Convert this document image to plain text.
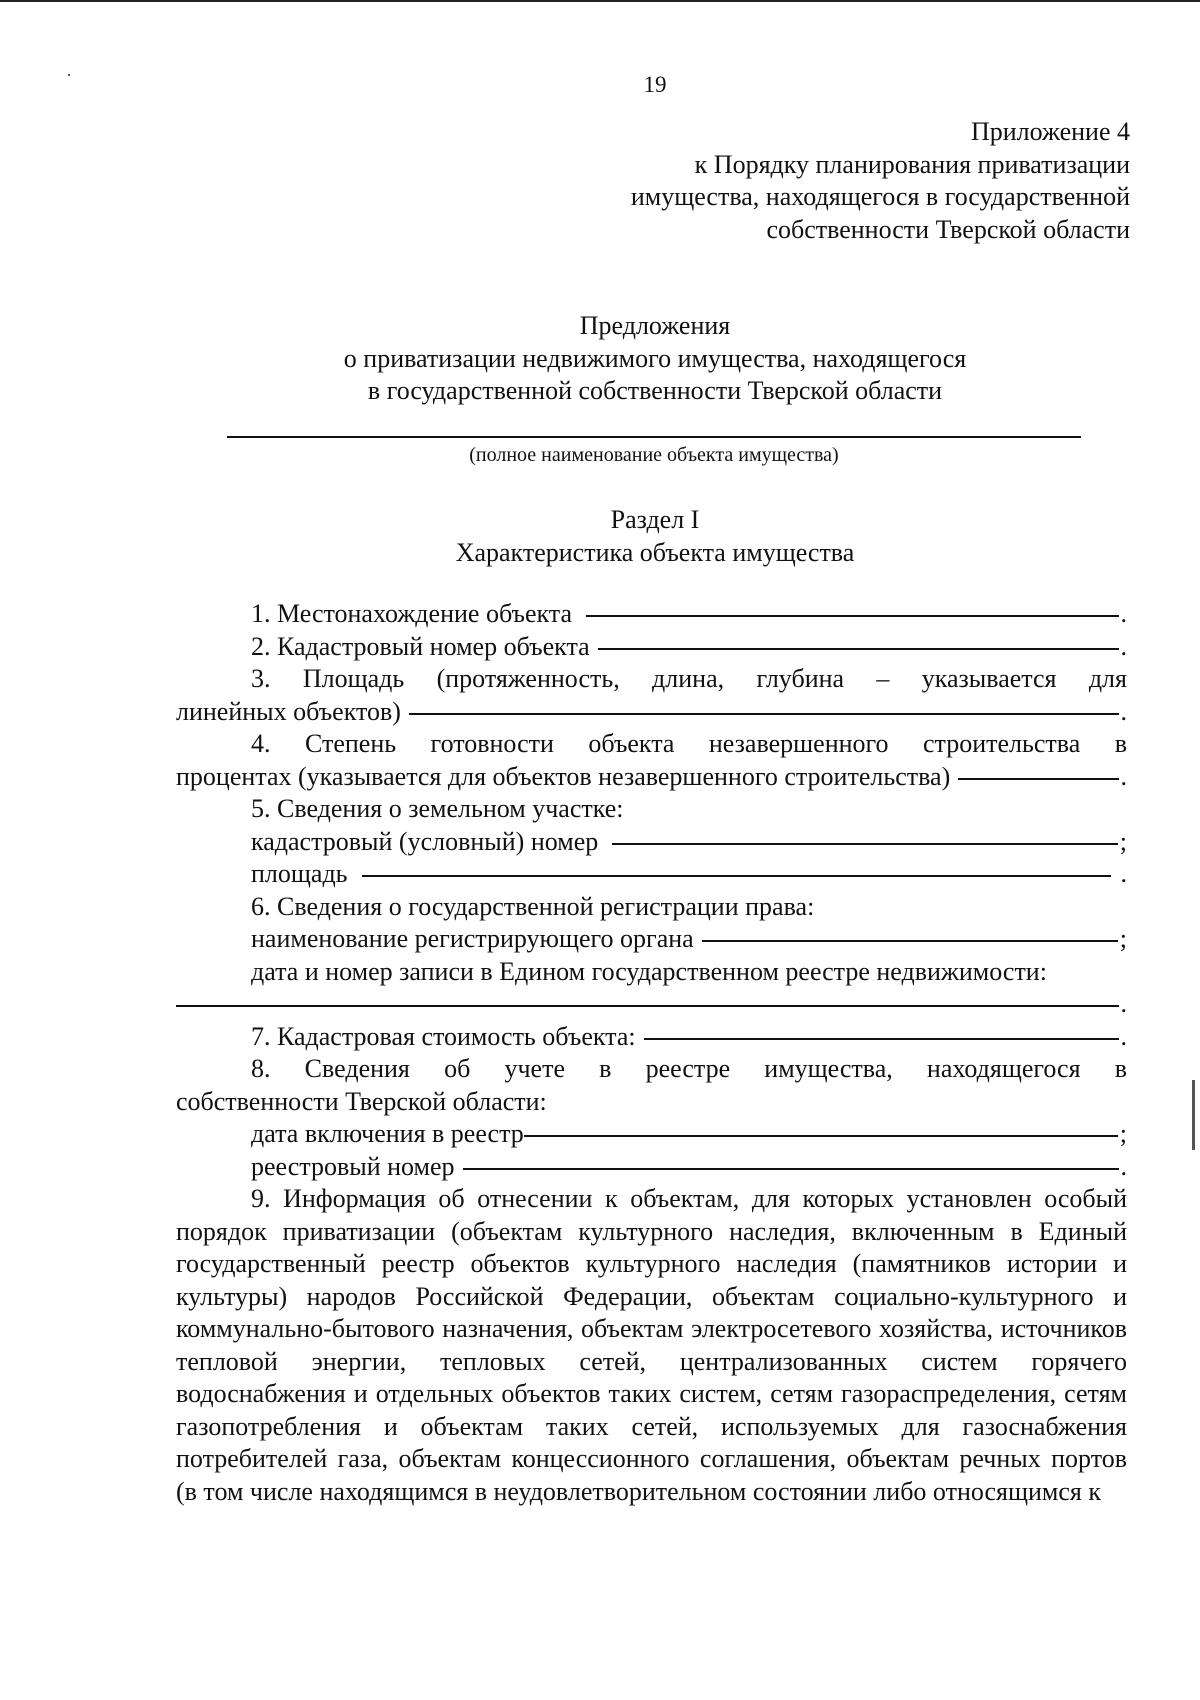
19
Приложение 4
к Порядку планирования приватизации
имущества, находящегося в государственной
собственности Тверской области
Предложения
о приватизации недвижимого имущества, находящегося
в государственной собственности Тверской области
(полное наименование объекта имущества)
Раздел I
Характеристика объекта имущества
1. Местонахождение объекта	.
2. Кадастровый номер объекта	.
3. Площадь (протяженность, длина, глубина – указывается для
линейных объектов)	.
4. Степень готовности объекта незавершенного строительства в
процентах (указывается для объектов незавершенного строительства)	.
5. Сведения о земельном участке:
кадастровый (условный) номер	;
площадь	.
6. Сведения о государственной регистрации права:
наименование регистрирующего органа	;
дата и номер записи в Едином государственном реестре недвижимости:
.
7. Кадастровая стоимость объекта:	.
8. Сведения об учете в реестре имущества, находящегося в
собственности Тверской области:
дата включения в реестр	;
реестровый номер	.
9. Информация об отнесении к объектам, для которых установлен особый порядок приватизации (объектам культурного наследия, включенным в Единый государственный реестр объектов культурного наследия (памятников истории и культуры) народов Российской Федерации, объектам социально-культурного и коммунально-бытового назначения, объектам электросетевого хозяйства, источников тепловой энергии, тепловых сетей, централизованных систем горячего водоснабжения и отдельных объектов таких систем, сетям газораспределения, сетям газопотребления и объектам таких сетей, используемых для газоснабжения потребителей газа, объектам концессионного соглашения, объектам речных портов (в том числе находящимся в неудовлетворительном состоянии либо относящимся к
